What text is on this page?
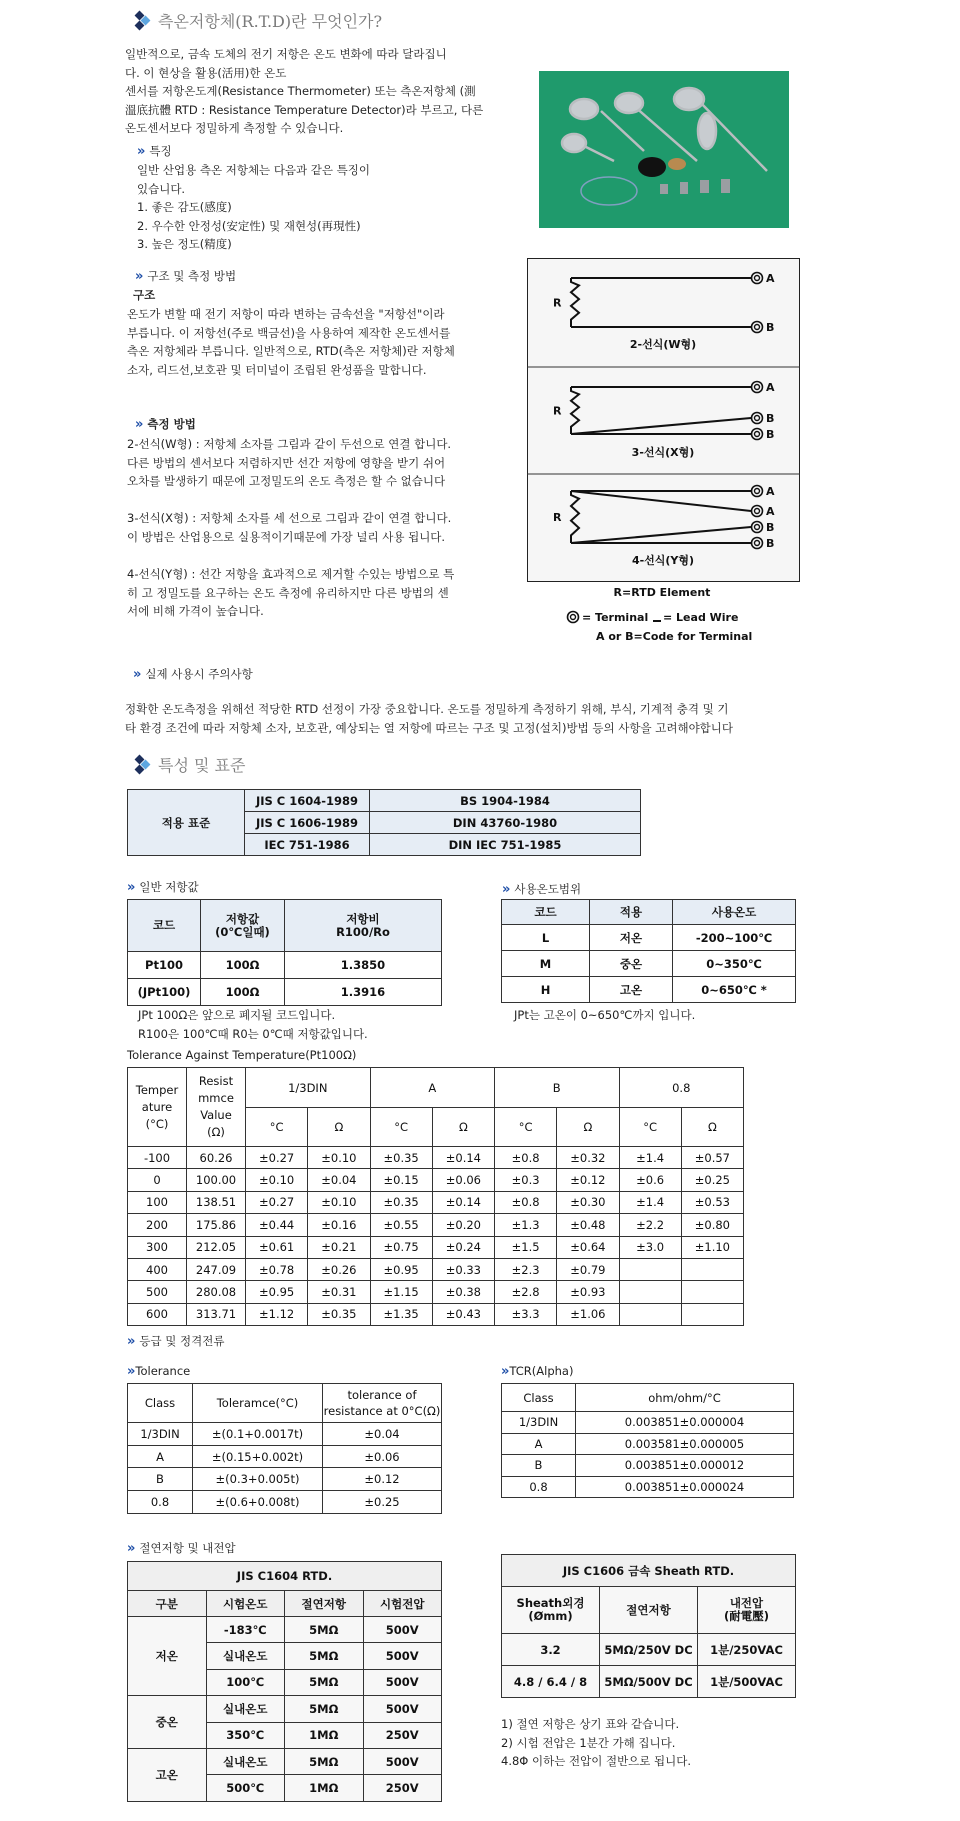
측온저항체(R.T.D)란 무엇인가?
일반적으로, 금속 도체의 전기 저항은 온도 변화에 따라 달라집니
다. 이 현상을 활용(活用)한 온도
센서를 저항온도계(Resistance Thermometer) 또는 측온저항체 (測
溫底抗體 RTD : Resistance Temperature Detector)라 부르고, 다른
온도센서보다 정밀하게 측정할 수 있습니다.
» 특징
일반 산업용 측온 저항체는 다음과 같은 특징이
있습니다.
1. 좋은 감도(感度)
2. 우수한 안정성(安定性) 및 재현성(再現性)
3. 높은 정도(精度)
» 구조 및 측정 방법
구조
온도가 변할 때 전기 저항이 따라 변하는 금속선을 "저항선"이라
부릅니다. 이 저항선(주로 백금선)을 사용하여 제작한 온도센서를
측온 저항체라 부릅니다. 일반적으로, RTD(측온 저항체)란 저항체
소자, 리드선,보호관 및 터미널이 조립된 완성품을 말합니다.
» 측정 방법
2-선식(W형) : 저항체 소자를 그림과 같이 두선으로 연결 합니다.
다른 방법의 센서보다 저렴하지만 선간 저항에 영향을 받기 쉬어
오차를 발생하기 때문에 고정밀도의 온도 측정은 할 수 없습니다
3-선식(X형) : 저항체 소자를 세 선으로 그림과 같이 연결 합니다.
이 방법은 산업용으로 실용적이기때문에 가장 널리 사용 됩니다.
4-선식(Y형) : 선간 저항을 효과적으로 제거할 수있는 방법으로 특
히 고 정밀도를 요구하는 온도 측정에 유리하지만 다른 방법의 센
서에 비해 가격이 높습니다.
R
A
B
2-선식(W형)
R
A
B
B
3-선식(X형)
R
A
A
B
B
4-선식(Y형)
R=RTD Element
= Terminal = Lead Wire
A or B=Code for Terminal
» 실제 사용시 주의사항
정확한 온도측정을 위해선 적당한 RTD 선정이 가장 중요합니다. 온도를 정밀하게 측정하기 위해, 부식, 기계적 충격 및 기
타 환경 조건에 따라 저항체 소자, 보호관, 예상되는 열 저항에 따르는 구조 및 고정(설치)방법 등의 사항을 고려해야합니다
특성 및 표준
적용 표준	JIS C 1604-1989	BS 1904-1984
	JIS C 1606-1989	DIN 43760-1980
	IEC 751-1986	DIN IEC 751-1985
» 일반 저항값
코드	저항값
(0℃일때)	저항비
R100/Ro
Pt100	100Ω	1.3850
(JPt100)	100Ω	1.3916
JPt 100Ω은 앞으로 폐지될 코드입니다.
R100은 100℃때 R0는 0℃때 저항값입니다.
» 사용온도범위
코드	적용	사용온도
L	저온	-200~100℃
M	중온	0~350℃
H	고온	0~650℃ *
JPt는 고온이 0~650℃까지 입니다.
Tolerance Against Temperature(Pt100Ω)
Temper
ature
(°C)	Resist
mmce
Value
(Ω)	1/3DIN		A		B		0.8	
		°C	Ω	°C	Ω	°C	Ω	°C	Ω
-100	60.26	±0.27	±0.10	±0.35	±0.14	±0.8	±0.32	±1.4	±0.57
0	100.00	±0.10	±0.04	±0.15	±0.06	±0.3	±0.12	±0.6	±0.25
100	138.51	±0.27	±0.10	±0.35	±0.14	±0.8	±0.30	±1.4	±0.53
200	175.86	±0.44	±0.16	±0.55	±0.20	±1.3	±0.48	±2.2	±0.80
300	212.05	±0.61	±0.21	±0.75	±0.24	±1.5	±0.64	±3.0	±1.10
400	247.09	±0.78	±0.26	±0.95	±0.33	±2.3	±0.79		
500	280.08	±0.95	±0.31	±1.15	±0.38	±2.8	±0.93		
600	313.71	±1.12	±0.35	±1.35	±0.43	±3.3	±1.06		
» 등급 및 정격전류
» Tolerance
Class	Toleramce(°C)	tolerance of
resistance at 0°C(Ω)
1/3DIN	±(0.1+0.0017t)	±0.04
A	±(0.15+0.002t)	±0.06
B	±(0.3+0.005t)	±0.12
0.8	±(0.6+0.008t)	±0.25
» TCR(Alpha)
Class	ohm/ohm/°C
1/3DIN	0.003851±0.000004
A	0.003581±0.000005
B	0.003851±0.000012
0.8	0.003851±0.000024
» 절연저항 및 내전압
JIS C1604 RTD.			
구분	시험온도	절연저항	시험전압
저온	-183℃	5MΩ	500V
	실내온도	5MΩ	500V
	100℃	5MΩ	500V
중온	실내온도	5MΩ	500V
	350℃	1MΩ	250V
고온	실내온도	5MΩ	500V
	500℃	1MΩ	250V
JIS C1606 금속 Sheath RTD.		
Sheath외경
(Ømm)	절연저항	내전압
(耐電壓)
3.2	5MΩ/250V DC	1분/250VAC
4.8 / 6.4 / 8	5MΩ/500V DC	1분/500VAC
1) 절연 저항은 상기 표와 같습니다.
2) 시험 전압은 1분간 가해 집니다.
4.8Φ 이하는 전압이 절반으로 됩니다.
